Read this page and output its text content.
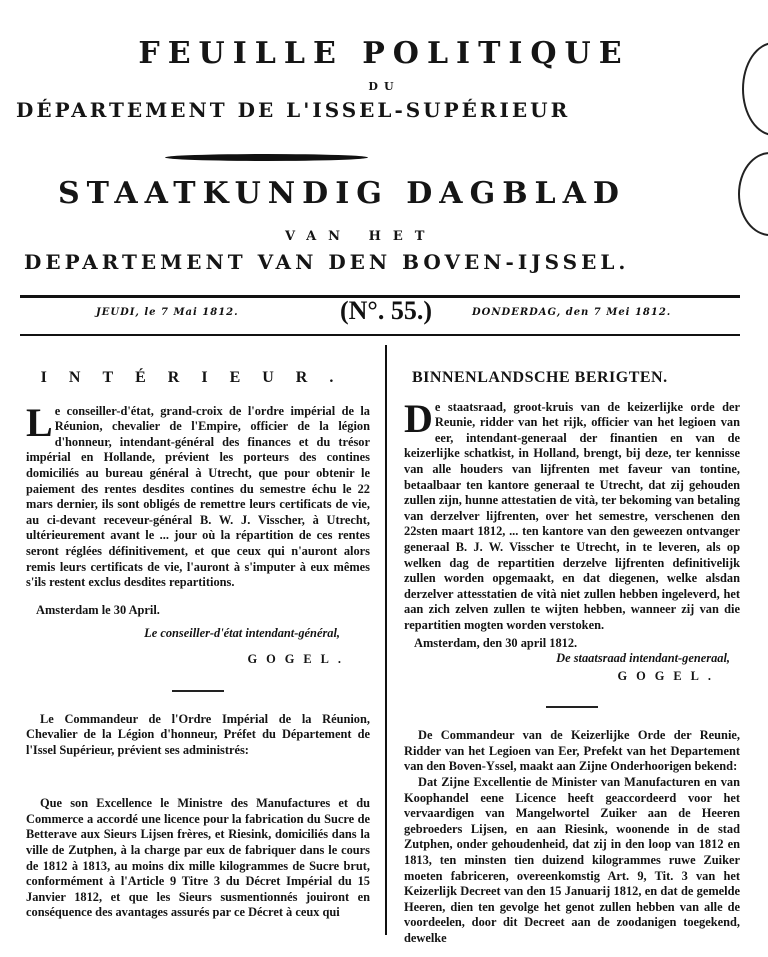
FEUILLE POLITIQUE
DU
DÉPARTEMENT DE L'ISSEL-SUPÉRIEUR
STAATKUNDIG DAGBLAD
VAN HET
DEPARTEMENT VAN DEN BOVEN-IJSSEL.
JEUDI, le 7 Mai 1812.	(N°. 55.)	DONDERDAG, den 7 Mei 1812.
INTÉRIEUR.
L e conseiller-d'état, grand-croix de l'ordre impérial de la Réunion, chevalier de l'Empire, officier de la légion d'honneur, intendant-général des finances et du trésor impérial en Hollande, prévient les porteurs des contines domiciliés au bureau général à Utrecht, que pour obtenir le paiement des rentes desdites contines du semestre échu le 22 mars dernier, ils sont obligés de remettre leurs certificats de vie, au ci-devant receveur-général B. W. J. Visscher, à Utrecht, ultérieurement avant le ... jour où la répartition de ces rentes seront réglées définitivement, et que ceux qui n'auront alors remis leurs certificats de vie, l'auront à s'imputer à eux mêmes s'ils restent exclus desdites repartitions.

Amsterdam le 30 April.
Le conseiller-d'état intendant-général,
GOGEL.

Le Commandeur de l'Ordre Impérial de la Réunion, Chevalier de la Légion d'honneur, Préfet du Département de l'Issel Supérieur, prévient ses administrés:

Que son Excellence le Ministre des Manufactures et du Commerce a accordé une licence pour la fabrication du Sucre de Betterave aux Sieurs Lijsen frères, et Riesink, domiciliés dans la ville de Zutphen, à la charge par eux de fabriquer dans le cours de 1812 à 1813, au moins dix mille kilogrammes de Sucre brut, conformément à l'Article 9 Titre 3 du Décret Impérial du 15 Janvier 1812, et que les Sieurs susmentionnés jouiront en conséquence des avantages assurés par ce Décret à ceux qui

BINNENLANDSCHE BERIGTEN.
D e staatsraad, groot-kruis van de keizerlijke orde der Reunie, ridder van het rijk, officier van het legioen van eer, intendant-generaal der finantien en van de keizerlijke schatkist, in Holland, brengt, bij deze, ter kennisse van alle houders van lijfrenten met faveur van tontine, betaalbaar ten kantore generaal te Utrecht, dat zij gehouden zullen zijn, hunne attestatien de vità, ter bekoming van betaling van derzelver lijfrenten, over het semestre, verschenen den 22sten maart 1812, ... ten kantore van den geweezen ontvanger generaal B. J. W. Visscher te Utrecht, in te leveren, als op welken dag de repartitien derzelve lijfrenten definitivelijk zullen worden opgemaakt, en dat diegenen, welke alsdan derzelver attesstatien de vità niet zullen hebben ingeleverd, het aan zich zelven zullen te wijten hebben, wanneer zij van die repartitien mogten worden verstoken.

Amsterdam, den 30 april 1812.
De staatsraad intendant-generaal,
GOGEL.

De Commandeur van de Keizerlijke Orde der Reunie, Ridder van het Legioen van Eer, Prefekt van het Departement van den Boven-Yssel, maakt aan Zijne Onderhoorigen bekend:

Dat Zijne Excellentie de Minister van Manufacturen en van Koophandel eene Licence heeft geaccordeerd voor het vervaardigen van Mangelwortel Zuiker aan de Heeren gebroeders Lijsen, en aan Riesink, woonende in de stad Zutphen, onder gehoudenheid, dat zij in den loop van 1812 en 1813, ten minsten tien duizend kilogrammes ruwe Zuiker moeten fabriceren, overeenkomstig Art. 9, Tit. 3 van het Keizerlijk Decreet van den 15 Januarij 1812, en dat de gemelde Heeren, dien ten gevolge het genot zullen hebben van alle de voordeelen, door dit Decreet aan de zoodanigen toegekend, dewelke
